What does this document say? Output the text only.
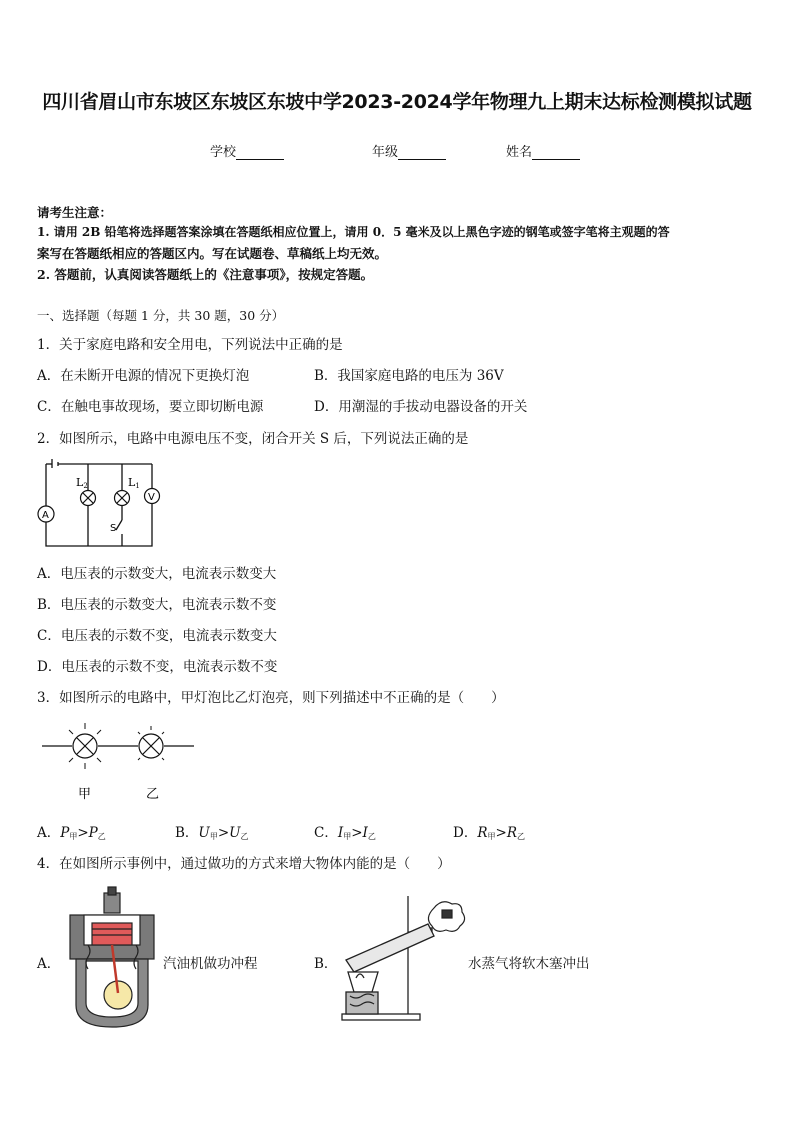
四川省眉山市东坡区东坡区东坡中学2023-2024学年物理九上期末达标检测模拟试题
学校	年级	姓名
请考生注意：
1. 请用 2B 铅笔将选择题答案涂填在答题纸相应位置上，请用 0．5 毫米及以上黑色字迹的钢笔或签字笔将主观题的答
案写在答题纸相应的答题区内。写在试题卷、草稿纸上均无效。
2. 答题前，认真阅读答题纸上的《注意事项》，按规定答题。
一、选择题（每题 1 分，共 30 题，30 分）
1．关于家庭电路和安全用电，下列说法中正确的是
A．在未断开电源的情况下更换灯泡	B．我国家庭电路的电压为 36V
C．在触电事故现场，要立即切断电源	D．用潮湿的手拔动电器设备的开关
2．如图所示，电路中电源电压不变，闭合开关 S 后，下列说法正确的是
A
L2	L1
S
V
A．电压表的示数变大，电流表示数变大
B．电压表的示数变大，电流表示数不变
C．电压表的示数不变，电流表示数变大
D．电压表的示数不变，电流表示数不变
3．如图所示的电路中，甲灯泡比乙灯泡亮，则下列描述中不正确的是（　　）
甲	乙
A．$P_甲>P_乙$	B．$U_甲>U_乙$	C．$I_甲>I_乙$	D．$R_甲>R_乙$
4．在如图所示事例中，通过做功的方式来增大物体内能的是（　　）
A．	汽油机做功冲程	B．	水蒸气将软木塞冲出
